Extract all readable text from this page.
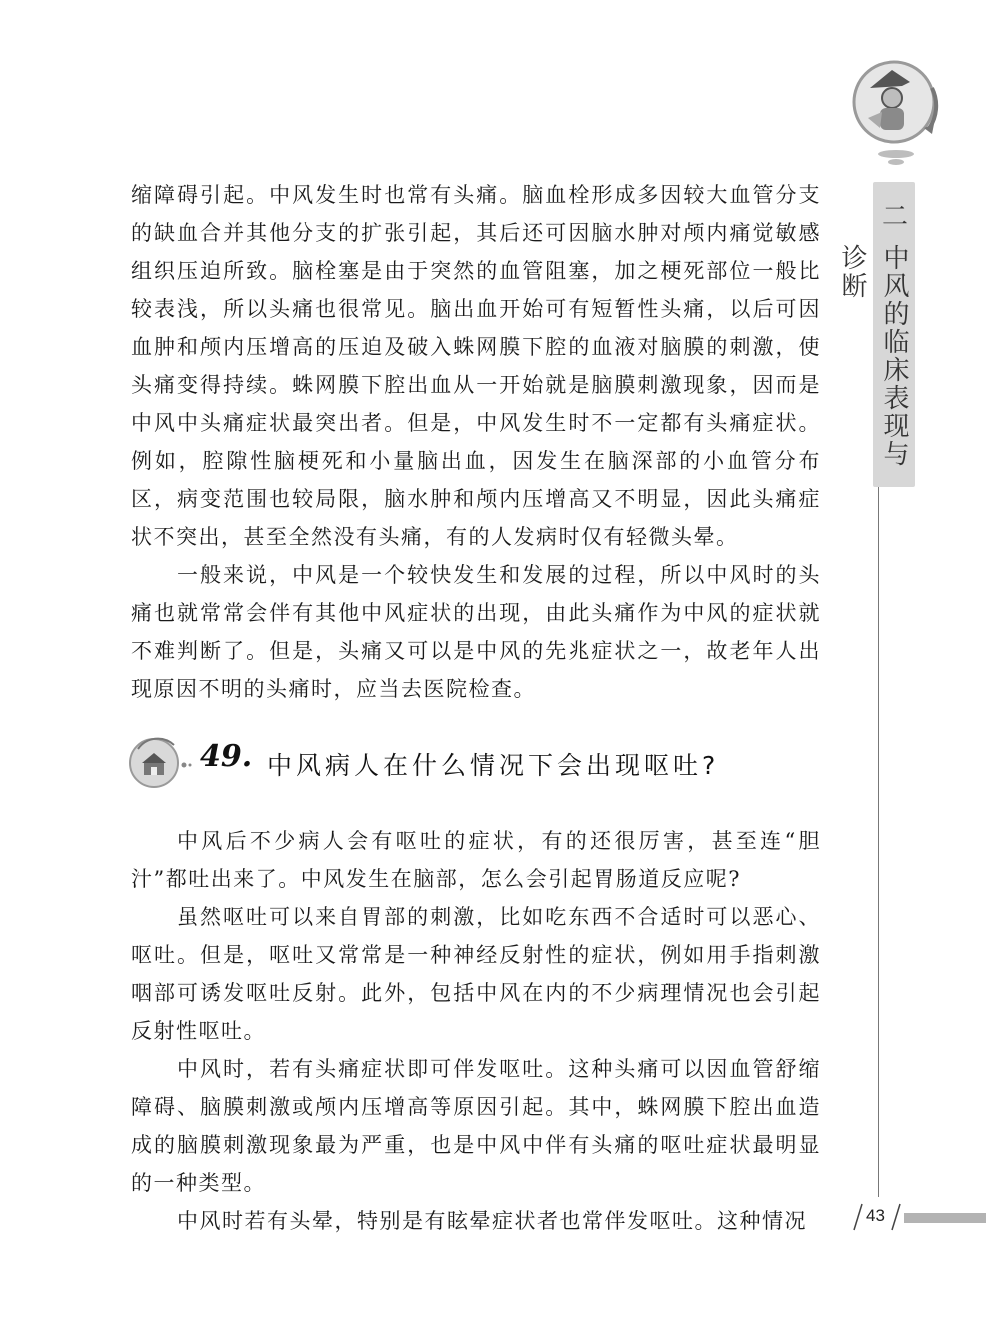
二
中风的临床表现与诊断

缩障碍引起。中风发生时也常有头痛。脑血栓形成多因较大血管分支的缺血合并其他分支的扩张引起，其后还可因脑水肿对颅内痛觉敏感组织压迫所致。脑栓塞是由于突然的血管阻塞，加之梗死部位一般比较表浅，所以头痛也很常见。脑出血开始可有短暂性头痛，以后可因血肿和颅内压增高的压迫及破入蛛网膜下腔的血液对脑膜的刺激，使头痛变得持续。蛛网膜下腔出血从一开始就是脑膜刺激现象，因而是中风中头痛症状最突出者。但是，中风发生时不一定都有头痛症状。例如，腔隙性脑梗死和小量脑出血，因发生在脑深部的小血管分布区，病变范围也较局限，脑水肿和颅内压增高又不明显，因此头痛症状不突出，甚至全然没有头痛，有的人发病时仅有轻微头晕。

一般来说，中风是一个较快发生和发展的过程，所以中风时的头痛也就常常会伴有其他中风症状的出现，由此头痛作为中风的症状就不难判断了。但是，头痛又可以是中风的先兆症状之一，故老年人出现原因不明的头痛时，应当去医院检查。

49. 中风病人在什么情况下会出现呕吐?

中风后不少病人会有呕吐的症状，有的还很厉害，甚至连“胆汁”都吐出来了。中风发生在脑部，怎么会引起胃肠道反应呢?

虽然呕吐可以来自胃部的刺激，比如吃东西不合适时可以恶心、呕吐。但是，呕吐又常常是一种神经反射性的症状，例如用手指刺激咽部可诱发呕吐反射。此外，包括中风在内的不少病理情况也会引起反射性呕吐。

中风时，若有头痛症状即可伴发呕吐。这种头痛可以因血管舒缩障碍、脑膜刺激或颅内压增高等原因引起。其中，蛛网膜下腔出血造成的脑膜刺激现象最为严重，也是中风中伴有头痛的呕吐症状最明显的一种类型。

中风时若有头晕，特别是有眩晕症状者也常伴发呕吐。这种情况	43
